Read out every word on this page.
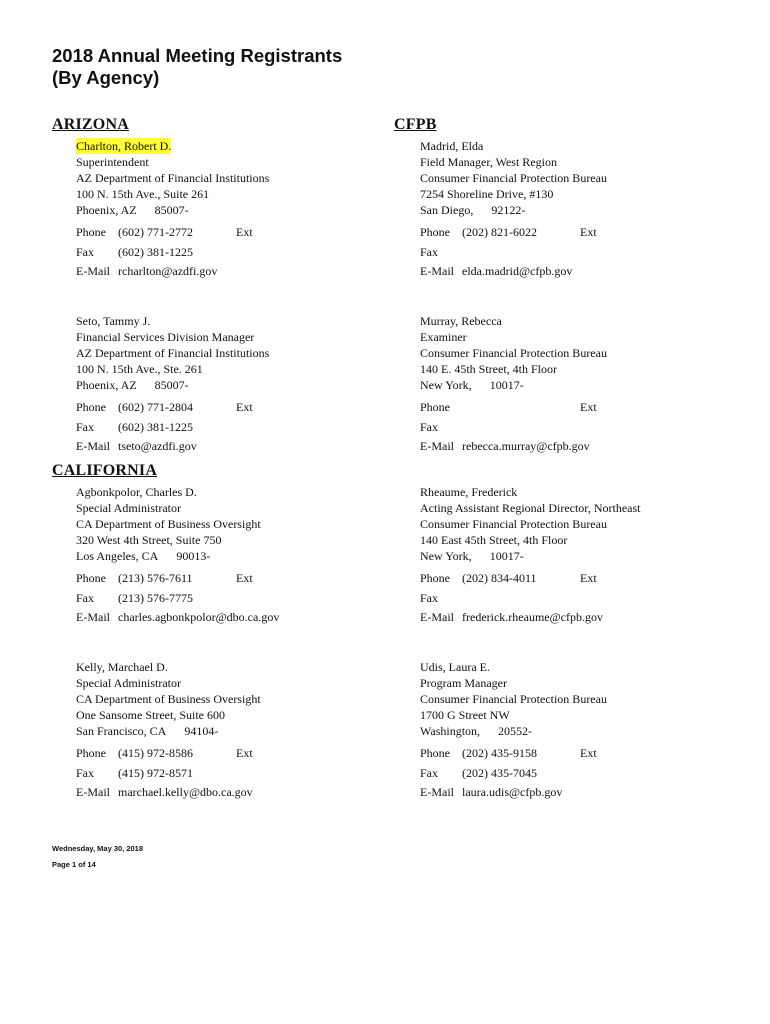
2018 Annual Meeting Registrants
(By Agency)
ARIZONA	CFPB
CALIFORNIA
Charlton, Robert D.

Superintendent
AZ Department of Financial Institutions
100 N. 15th Ave., Suite 261
Phoenix, AZ 85007-
Phone (602) 771-2772	Ext
Fax (602) 381-1225
E-Mail rcharlton@azdfi.gov
Madrid, Elda
Field Manager, West Region
Consumer Financial Protection Bureau
7254 Shoreline Drive, #130
San Diego, 92122-
Phone (202) 821-6022	Ext
Fax
E-Mail elda.madrid@cfpb.gov
Seto, Tammy J.
Financial Services Division Manager
AZ Department of Financial Institutions
100 N. 15th Ave., Ste. 261
Phoenix, AZ 85007-
Phone (602) 771-2804	Ext
Fax (602) 381-1225
E-Mail tseto@azdfi.gov
Murray, Rebecca
Examiner
Consumer Financial Protection Bureau
140 E. 45th Street, 4th Floor
New York, 10017-
Phone	Ext
Fax
E-Mail rebecca.murray@cfpb.gov
Agbonkpolor, Charles D.
Special Administrator
CA Department of Business Oversight
320 West 4th Street, Suite 750
Los Angeles, CA 90013-
Phone (213) 576-7611	Ext
Fax (213) 576-7775
E-Mail charles.agbonkpolor@dbo.ca.gov
Rheaume, Frederick
Acting Assistant Regional Director, Northeast
Consumer Financial Protection Bureau
140 East 45th Street, 4th Floor
New York, 10017-
Phone (202) 834-4011	Ext
Fax
E-Mail frederick.rheaume@cfpb.gov
Kelly, Marchael D.
Special Administrator
CA Department of Business Oversight
One Sansome Street, Suite 600
San Francisco, CA 94104-
Phone (415) 972-8586	Ext
Fax (415) 972-8571
E-Mail marchael.kelly@dbo.ca.gov
Udis, Laura E.
Program Manager
Consumer Financial Protection Bureau
1700 G Street NW
Washington, 20552-
Phone (202) 435-9158	Ext
Fax (202) 435-7045
E-Mail laura.udis@cfpb.gov
Wednesday, May 30, 2018
Page 1 of 14
